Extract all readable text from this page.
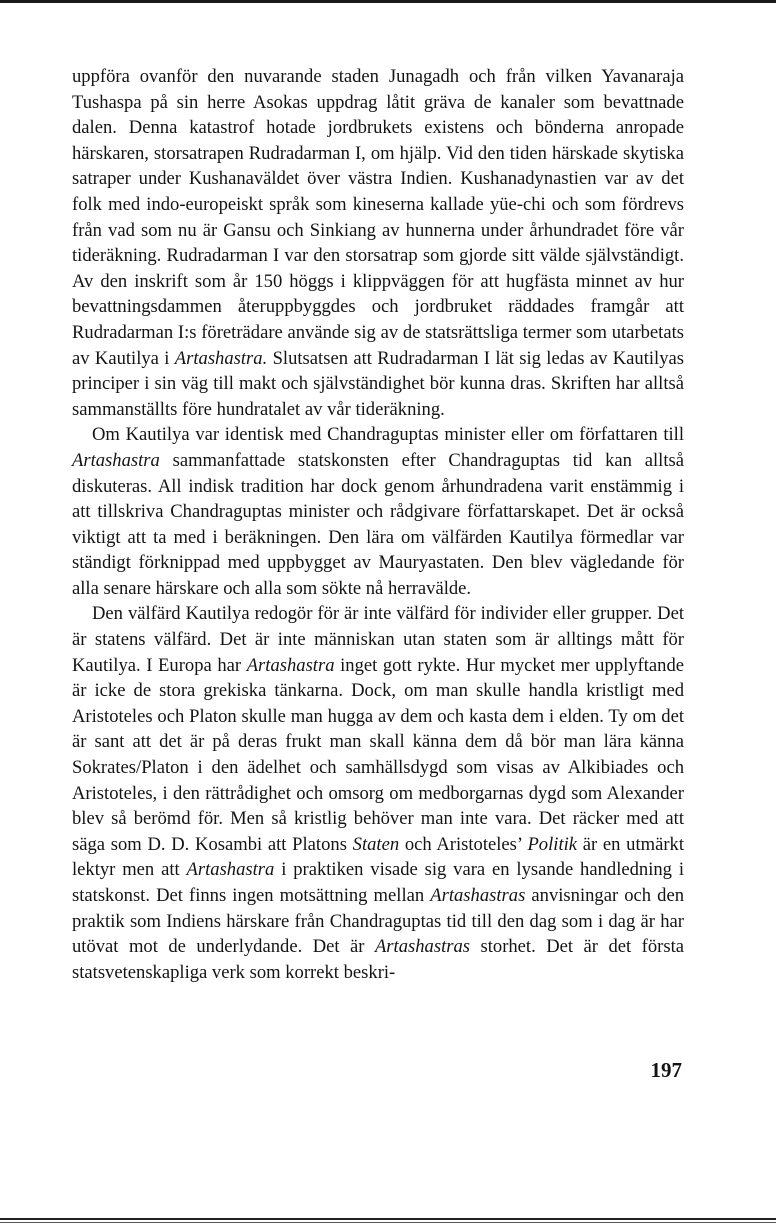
uppföra ovanför den nuvarande staden Junagadh och från vilken Yavanaraja Tushaspa på sin herre Asokas uppdrag låtit gräva de kanaler som bevattnade dalen. Denna katastrof hotade jordbrukets existens och bönderna anropade härskaren, storsatrapen Rudradarman I, om hjälp. Vid den tiden härskade skytiska satraper under Kushanaväldet över västra Indien. Kushanadynastien var av det folk med indo-europeiskt språk som kineserna kallade yüe-chi och som fördrevs från vad som nu är Gansu och Sinkiang av hunnerna under århundradet före vår tideräkning. Rudradarman I var den storsatrap som gjorde sitt välde självständigt. Av den inskrift som år 150 höggs i klippväggen för att hugfästa minnet av hur bevattningsdammen återuppbyggdes och jordbruket räddades framgår att Rudradarman I:s företrädare använde sig av de statsrättsliga termer som utarbetats av Kautilya i Artashastra. Slutsatsen att Rudradarman I lät sig ledas av Kautilyas principer i sin väg till makt och självständighet bör kunna dras. Skriften har alltså sammanställts före hundratalet av vår tideräkning.

Om Kautilya var identisk med Chandraguptas minister eller om författaren till Artashastra sammanfattade statskonsten efter Chandraguptas tid kan alltså diskuteras. All indisk tradition har dock genom århundradena varit enstämmig i att tillskriva Chandraguptas minister och rådgivare författarskapet. Det är också viktigt att ta med i beräkningen. Den lära om välfärden Kautilya förmedlar var ständigt förknippad med uppbygget av Mauryastaten. Den blev vägledande för alla senare härskare och alla som sökte nå herravälde.

Den välfärd Kautilya redogör för är inte välfärd för individer eller grupper. Det är statens välfärd. Det är inte människan utan staten som är alltings mått för Kautilya. I Europa har Artashastra inget gott rykte. Hur mycket mer upplyftande är icke de stora grekiska tänkarna. Dock, om man skulle handla kristligt med Aristoteles och Platon skulle man hugga av dem och kasta dem i elden. Ty om det är sant att det är på deras frukt man skall känna dem då bör man lära känna Sokrates/Platon i den ädelhet och samhällsdygd som visas av Alkibiades och Aristoteles, i den rättrådighet och omsorg om medborgarnas dygd som Alexander blev så berömd för. Men så kristlig behöver man inte vara. Det räcker med att säga som D. D. Kosambi att Platons Staten och Aristoteles’ Politik är en utmärkt lektyr men att Artashastra i praktiken visade sig vara en lysande handledning i statskonst. Det finns ingen motsättning mellan Artashastras anvisningar och den praktik som Indiens härskare från Chandraguptas tid till den dag som i dag är har utövat mot de underlydande. Det är Artashastras storhet. Det är det första statsvetenskapliga verk som korrekt beskri-

197
